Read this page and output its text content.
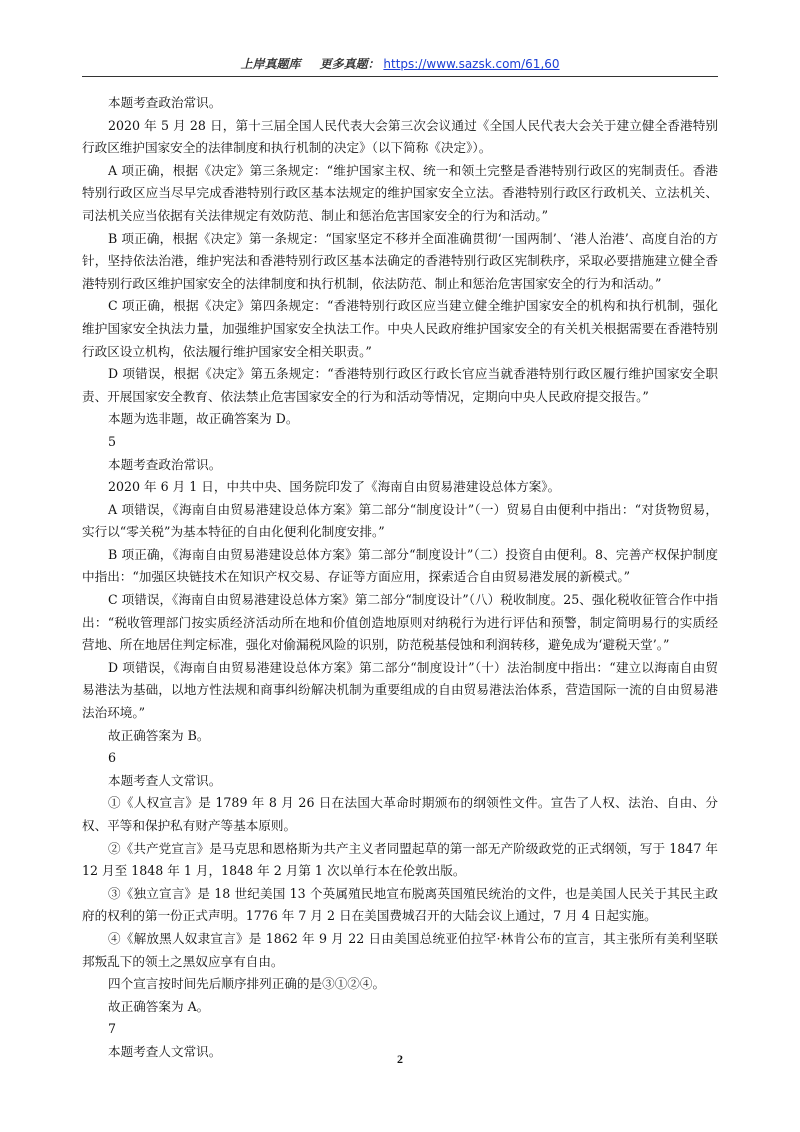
上岸真题库 更多真题： https://www.sazsk.com/61,60

本题考查政治常识。

2020 年 5 月 28 日，第十三届全国人民代表大会第三次会议通过《全国人民代表大会关于建立健全香港特别行政区维护国家安全的法律制度和执行机制的决定》（以下简称《决定》）。

A 项正确，根据《决定》第三条规定：“维护国家主权、统一和领土完整是香港特别行政区的宪制责任。香港特别行政区应当尽早完成香港特别行政区基本法规定的维护国家安全立法。香港特别行政区行政机关、立法机关、司法机关应当依据有关法律规定有效防范、制止和惩治危害国家安全的行为和活动。”

B 项正确，根据《决定》第一条规定：“国家坚定不移并全面准确贯彻‘一国两制’、‘港人治港’、高度自治的方针，坚持依法治港，维护宪法和香港特别行政区基本法确定的香港特别行政区宪制秩序，采取必要措施建立健全香港特别行政区维护国家安全的法律制度和执行机制，依法防范、制止和惩治危害国家安全的行为和活动。”

C 项正确，根据《决定》第四条规定：“香港特别行政区应当建立健全维护国家安全的机构和执行机制，强化维护国家安全执法力量，加强维护国家安全执法工作。中央人民政府维护国家安全的有关机关根据需要在香港特别行政区设立机构，依法履行维护国家安全相关职责。”

D 项错误，根据《决定》第五条规定：“香港特别行政区行政长官应当就香港特别行政区履行维护国家安全职责、开展国家安全教育、依法禁止危害国家安全的行为和活动等情况，定期向中央人民政府提交报告。”

本题为选非题，故正确答案为 D。

5

本题考查政治常识。

2020 年 6 月 1 日，中共中央、国务院印发了《海南自由贸易港建设总体方案》。

A 项错误，《海南自由贸易港建设总体方案》第二部分“制度设计”（一）贸易自由便利中指出：“对货物贸易，实行以“零关税”为基本特征的自由化便利化制度安排。”

B 项正确，《海南自由贸易港建设总体方案》第二部分“制度设计”（二）投资自由便利。8、完善产权保护制度中指出：“加强区块链技术在知识产权交易、存证等方面应用，探索适合自由贸易港发展的新模式。”

C 项错误，《海南自由贸易港建设总体方案》第二部分“制度设计”（八）税收制度。25、强化税收征管合作中指出：“税收管理部门按实质经济活动所在地和价值创造地原则对纳税行为进行评估和预警，制定简明易行的实质经营地、所在地居住判定标准，强化对偷漏税风险的识别，防范税基侵蚀和利润转移，避免成为‘避税天堂’。”

D 项错误，《海南自由贸易港建设总体方案》第二部分“制度设计”（十）法治制度中指出：“建立以海南自由贸易港法为基础，以地方性法规和商事纠纷解决机制为重要组成的自由贸易港法治体系，营造国际一流的自由贸易港法治环境。”

故正确答案为 B。

6

本题考查人文常识。

①《人权宣言》是 1789 年 8 月 26 日在法国大革命时期颁布的纲领性文件。宣告了人权、法治、自由、分权、平等和保护私有财产等基本原则。

②《共产党宣言》是马克思和恩格斯为共产主义者同盟起草的第一部无产阶级政党的正式纲领，写于 1847 年 12 月至 1848 年 1 月，1848 年 2 月第 1 次以单行本在伦敦出版。

③《独立宣言》是 18 世纪美国 13 个英属殖民地宣布脱离英国殖民统治的文件，也是美国人民关于其民主政府的权利的第一份正式声明。1776 年 7 月 2 日在美国费城召开的大陆会议上通过，7 月 4 日起实施。

④《解放黑人奴隶宣言》是 1862 年 9 月 22 日由美国总统亚伯拉罕·林肯公布的宣言，其主张所有美利坚联邦叛乱下的领土之黑奴应享有自由。

四个宣言按时间先后顺序排列正确的是③①②④。

故正确答案为 A。

7

本题考查人文常识。

2
